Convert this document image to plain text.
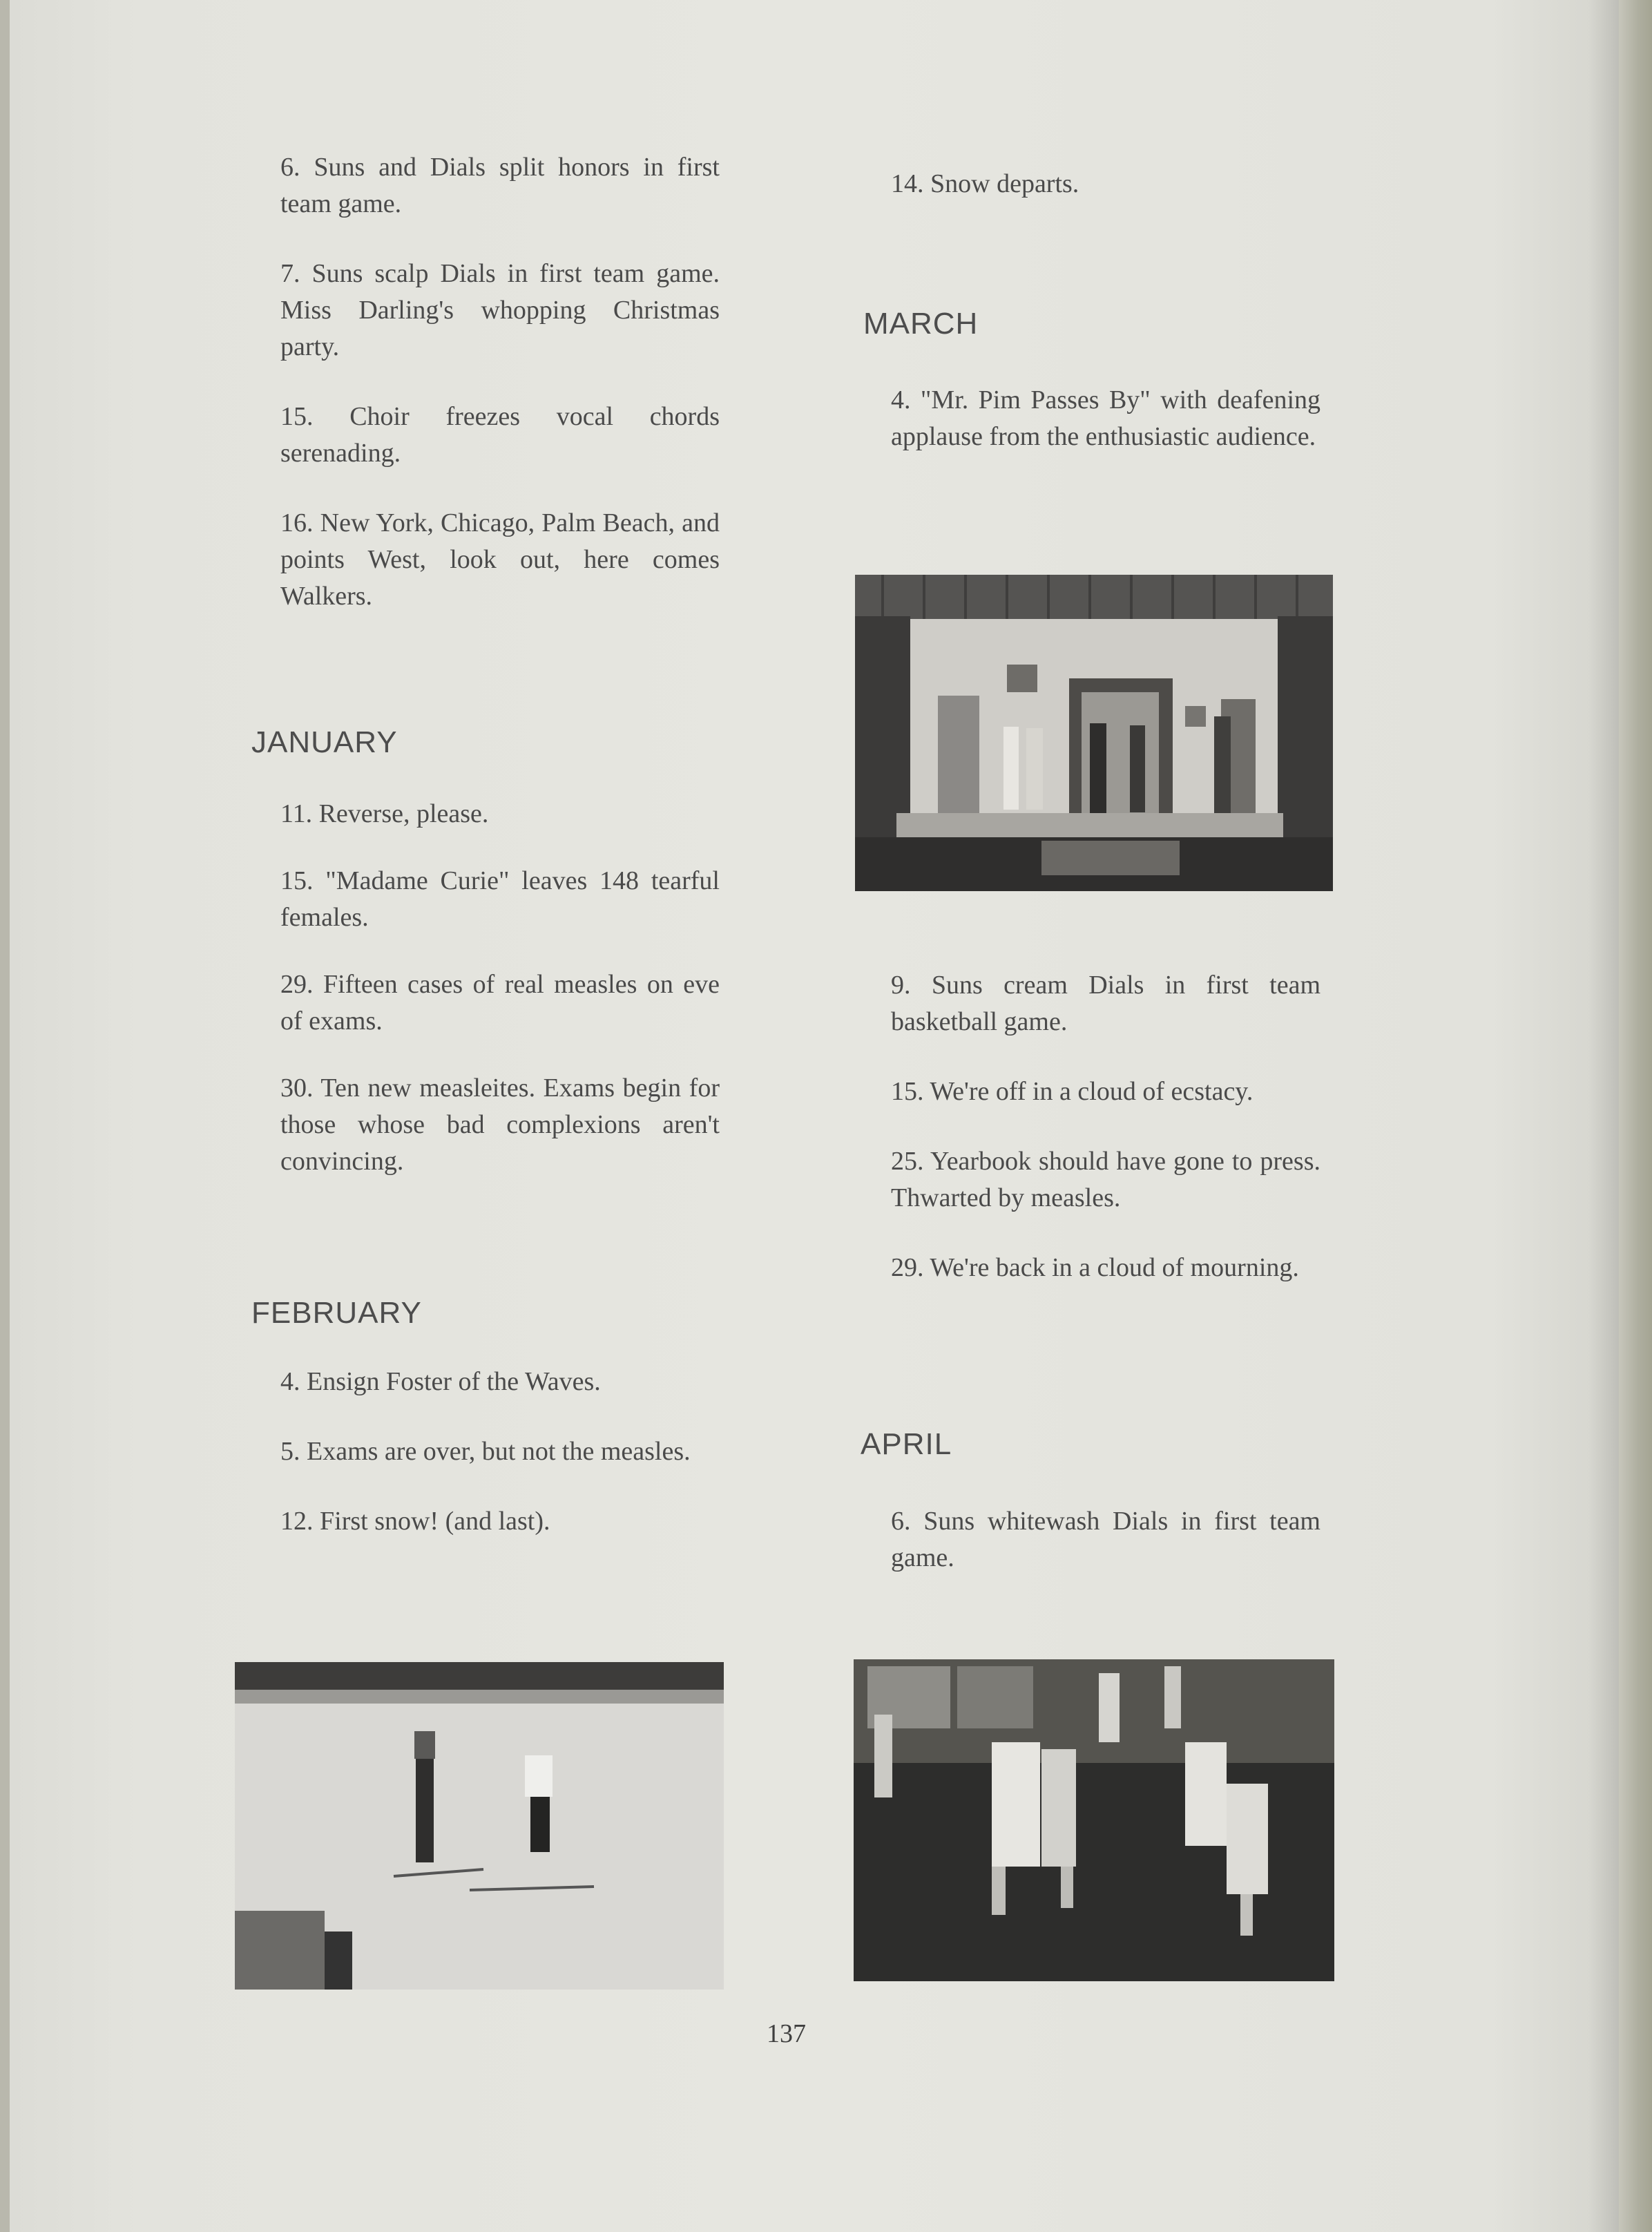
6. Suns and Dials split honors in first team game.

7. Suns scalp Dials in first team game. Miss Darling's whopping Christmas party.

15. Choir freezes vocal chords serenading.

16. New York, Chicago, Palm Beach, and points West, look out, here comes Walkers.

JANUARY

11. Reverse, please.

15. "Madame Curie" leaves 148 tearful females.

29. Fifteen cases of real measles on eve of exams.

30. Ten new measleites. Exams begin for those whose bad complexions aren't convincing.

FEBRUARY

4. Ensign Foster of the Waves.

5. Exams are over, but not the measles.

12. First snow! (and last).

14. Snow departs.

MARCH

4. "Mr. Pim Passes By" with deafening applause from the enthusiastic audience.

9. Suns cream Dials in first team basketball game.

15. We're off in a cloud of ecstacy.

25. Yearbook should have gone to press. Thwarted by measles.

29. We're back in a cloud of mourning.

APRIL

6. Suns whitewash Dials in first team game.

137
